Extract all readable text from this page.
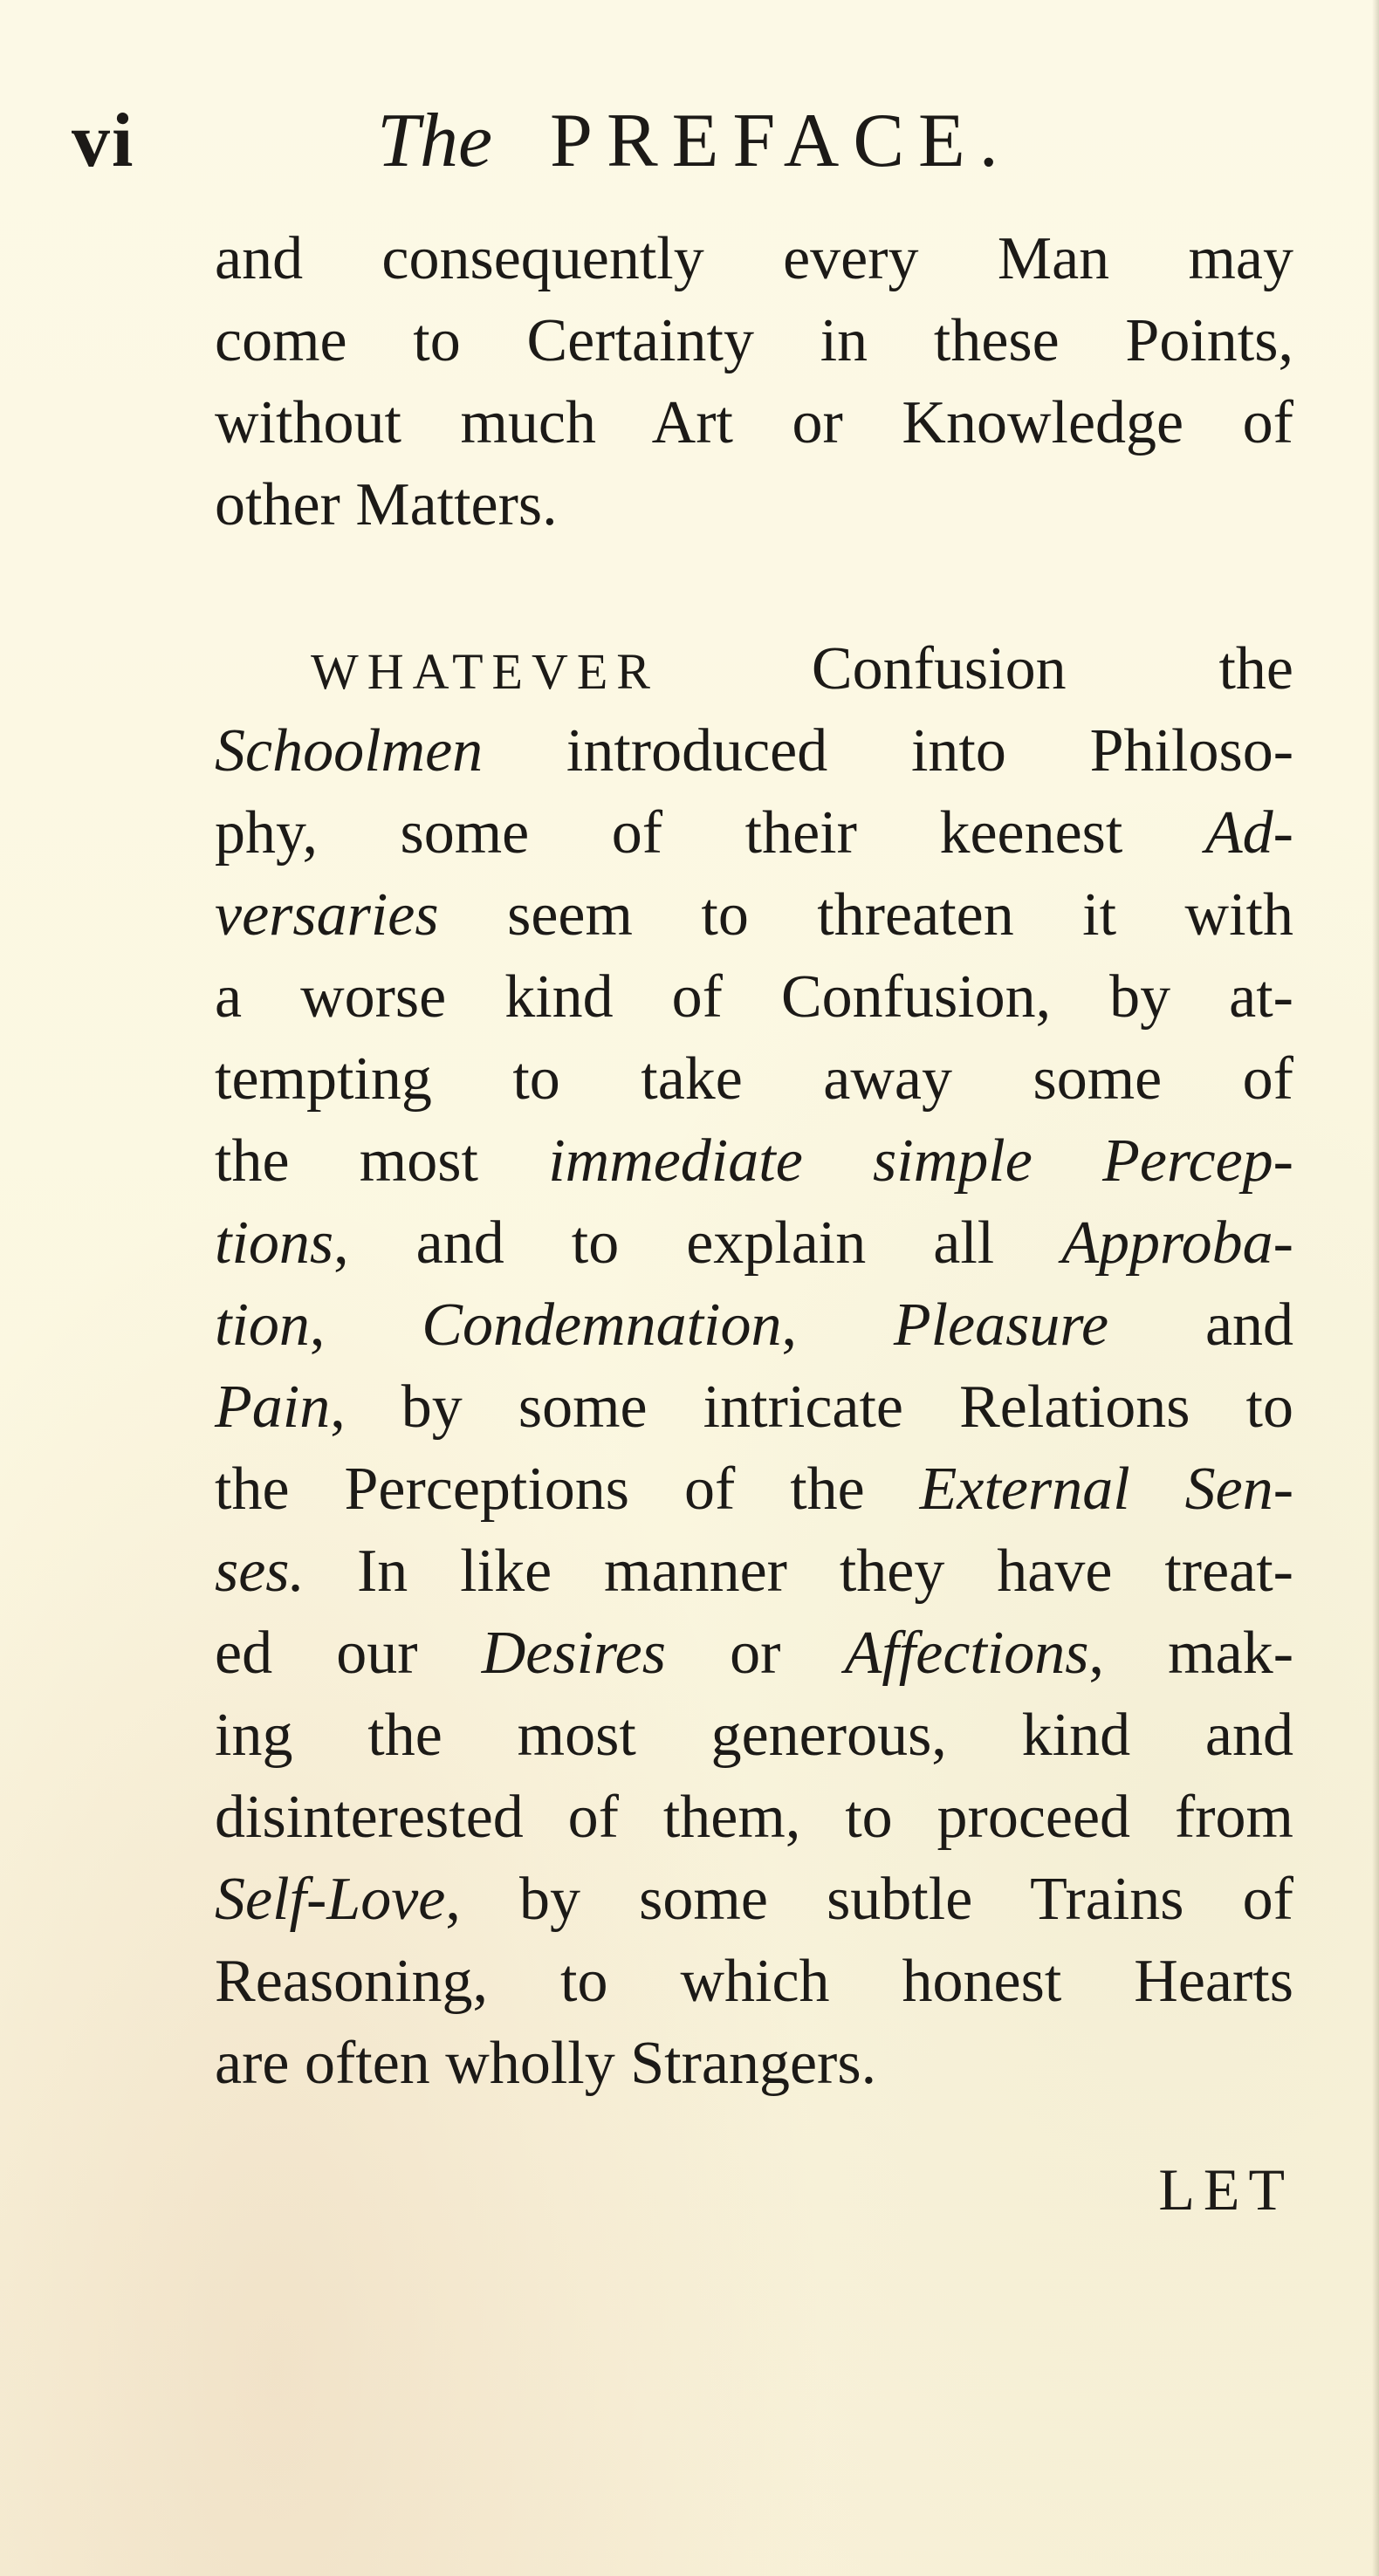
vi	The PREFACE.
and consequently every Man may
come to Certainty in these Points,
without much Art or Knowledge of
other Matters.
WHATEVER Confusion the
Schoolmen introduced into Philoso-
phy, some of their keenest Ad-
versaries seem to threaten it with
a worse kind of Confusion, by at-
tempting to take away some of
the most immediate simple Percep-
tions, and to explain all Approba-
tion, Condemnation, Pleasure and
Pain, by some intricate Relations to
the Perceptions of the External Sen-
ses. In like manner they have treat-
ed our Desires or Affections, mak-
ing the most generous, kind and
disinterested of them, to proceed from
Self-Love, by some subtle Trains of
Reasoning, to which honest Hearts
are often wholly Strangers.
LET
